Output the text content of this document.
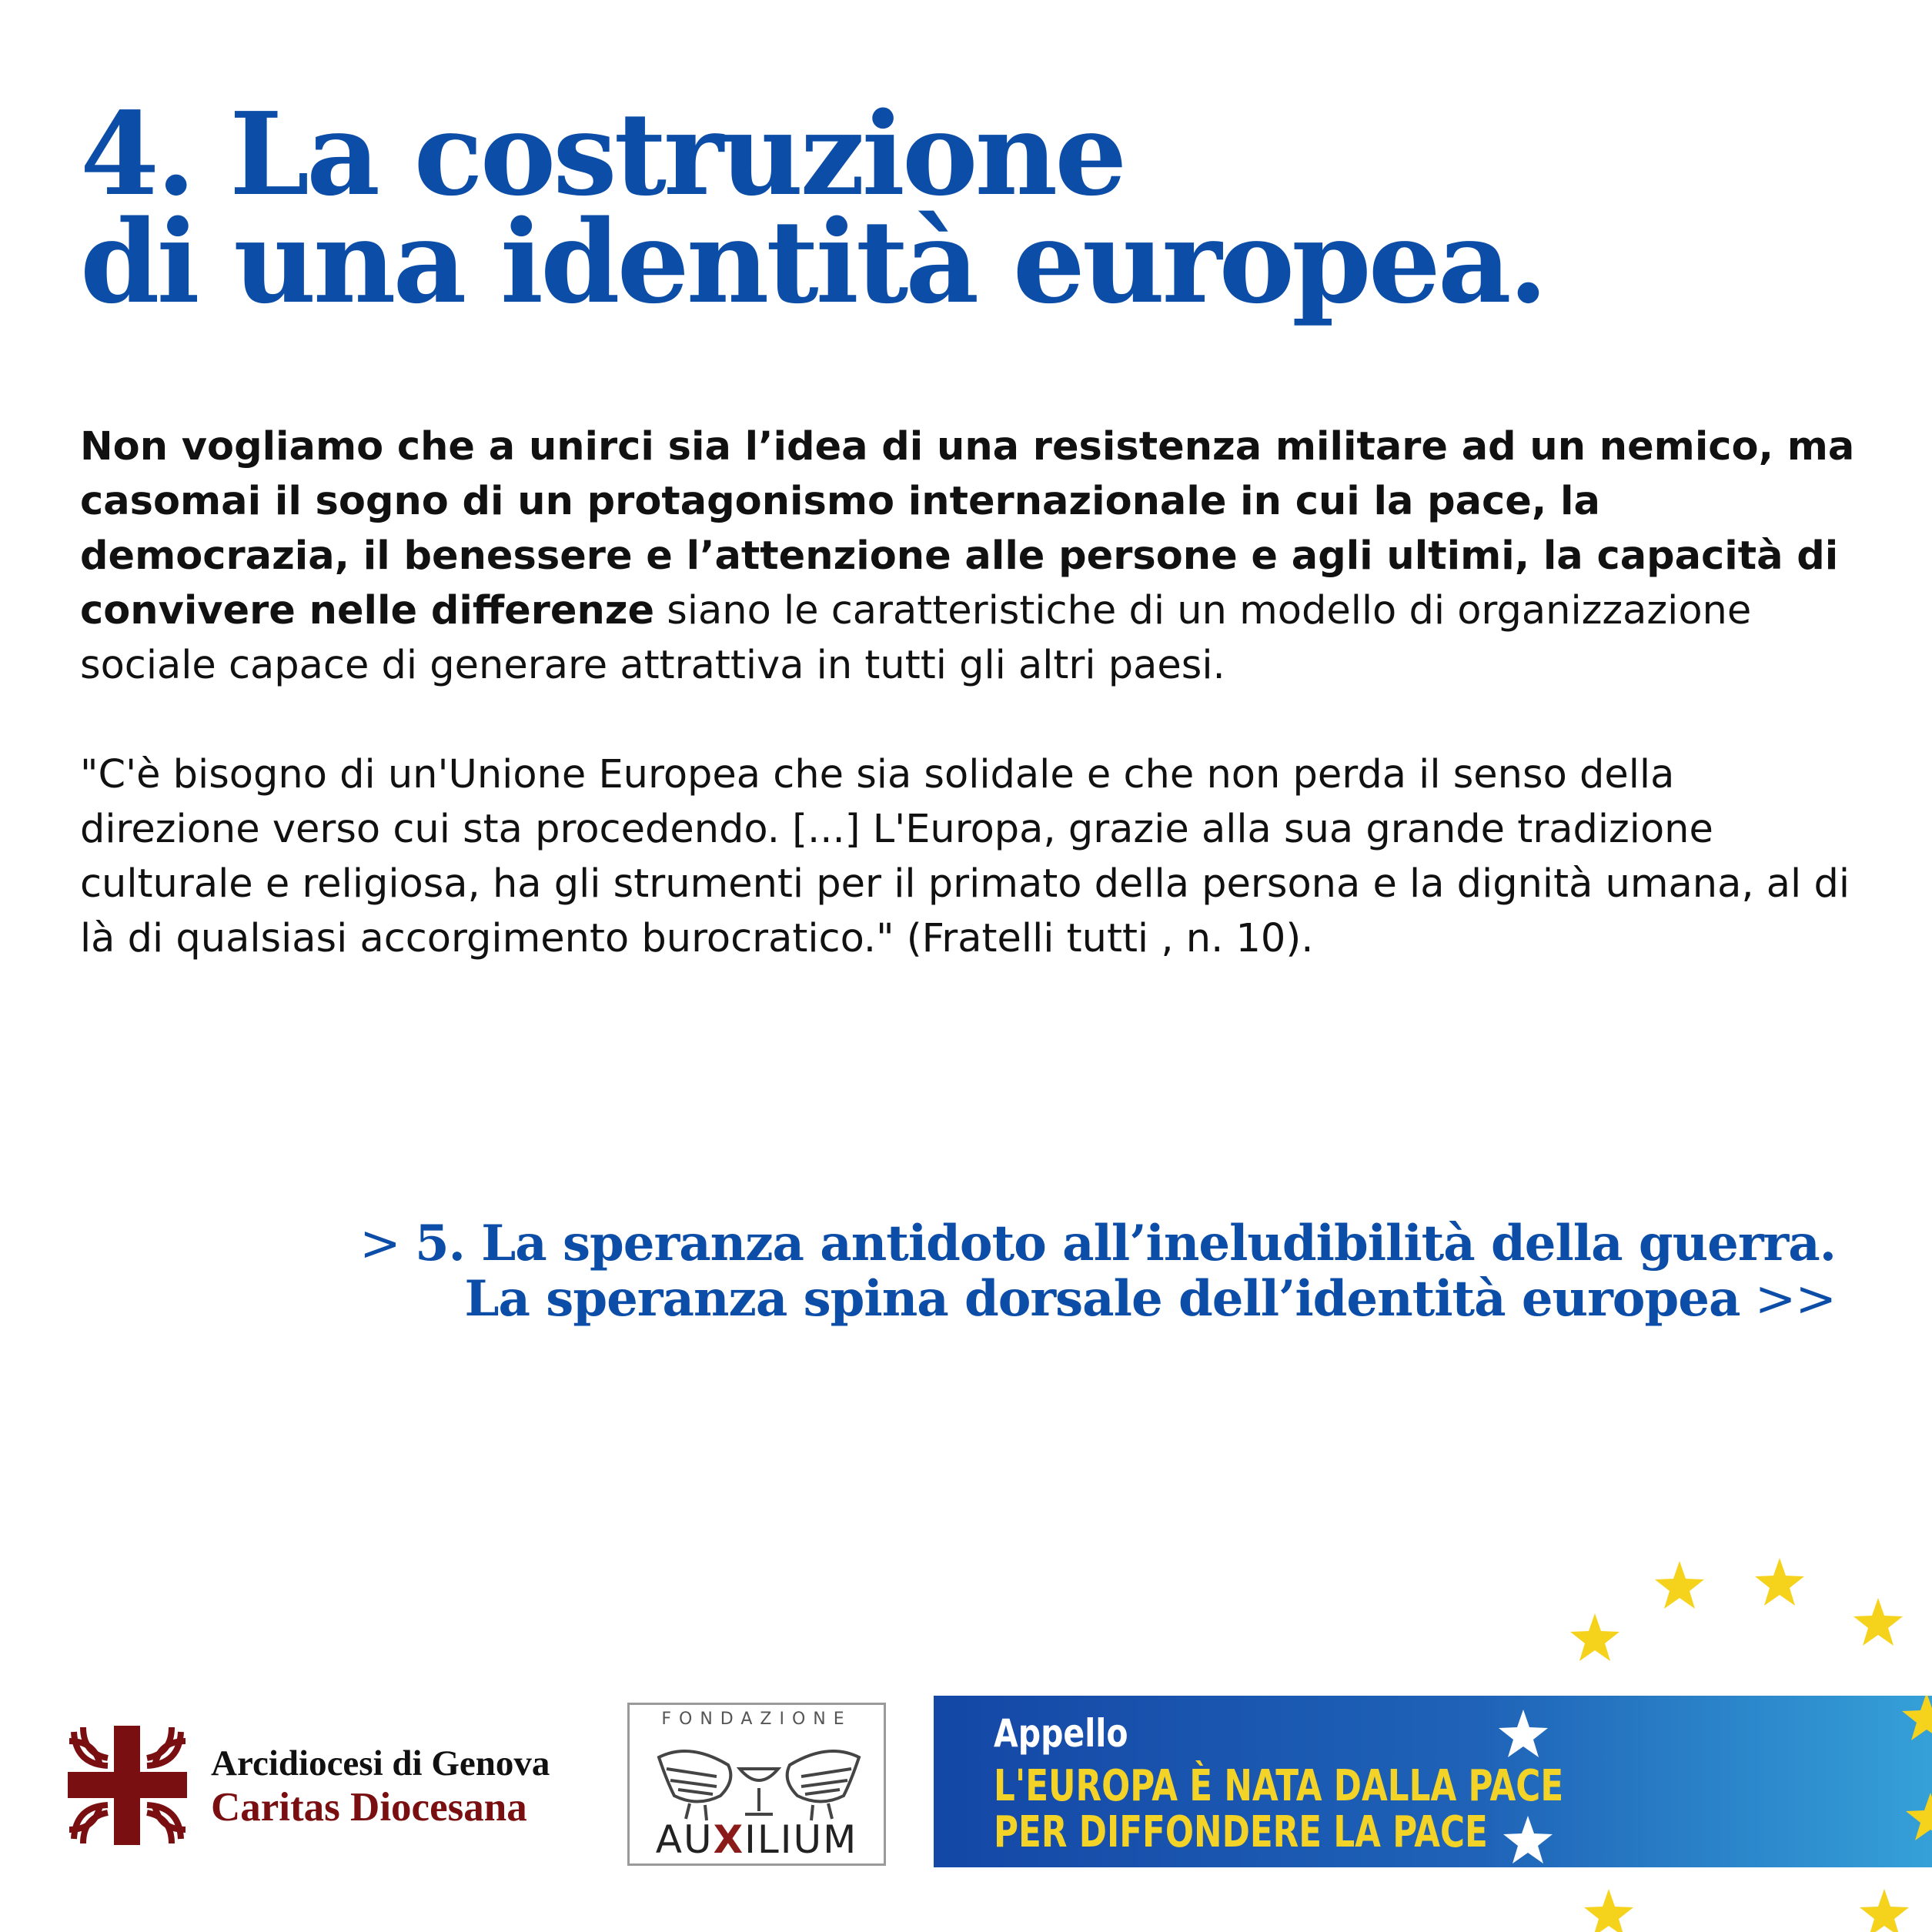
4. La costruzione
di una identità europea.

Non vogliamo che a unirci sia l’idea di una resistenza militare ad un nemico, ma casomai il sogno di un protagonismo internazionale in cui la pace, la democrazia, il benessere e l’attenzione alle persone e agli ultimi, la capacità di convivere nelle differenze siano le caratteristiche di un modello di organizzazione sociale capace di generare attrattiva in tutti gli altri paesi.

"C'è bisogno di un'Unione Europea che sia solidale e che non perda il senso della direzione verso cui sta procedendo. [...] L'Europa, grazie alla sua grande tradizione culturale e religiosa, ha gli strumenti per il primato della persona e la dignità umana, al di là di qualsiasi accorgimento burocratico." (Fratelli tutti , n. 10).

> 5. La speranza antidoto all’ineludibilità della guerra.
La speranza spina dorsale dell’identità europea >>
Arcidiocesi di Genova
Caritas Diocesana
FONDAZIONE
AUXILIUM
Appello
L'EUROPA È NATA DALLA PACE
PER DIFFONDERE LA PACE
